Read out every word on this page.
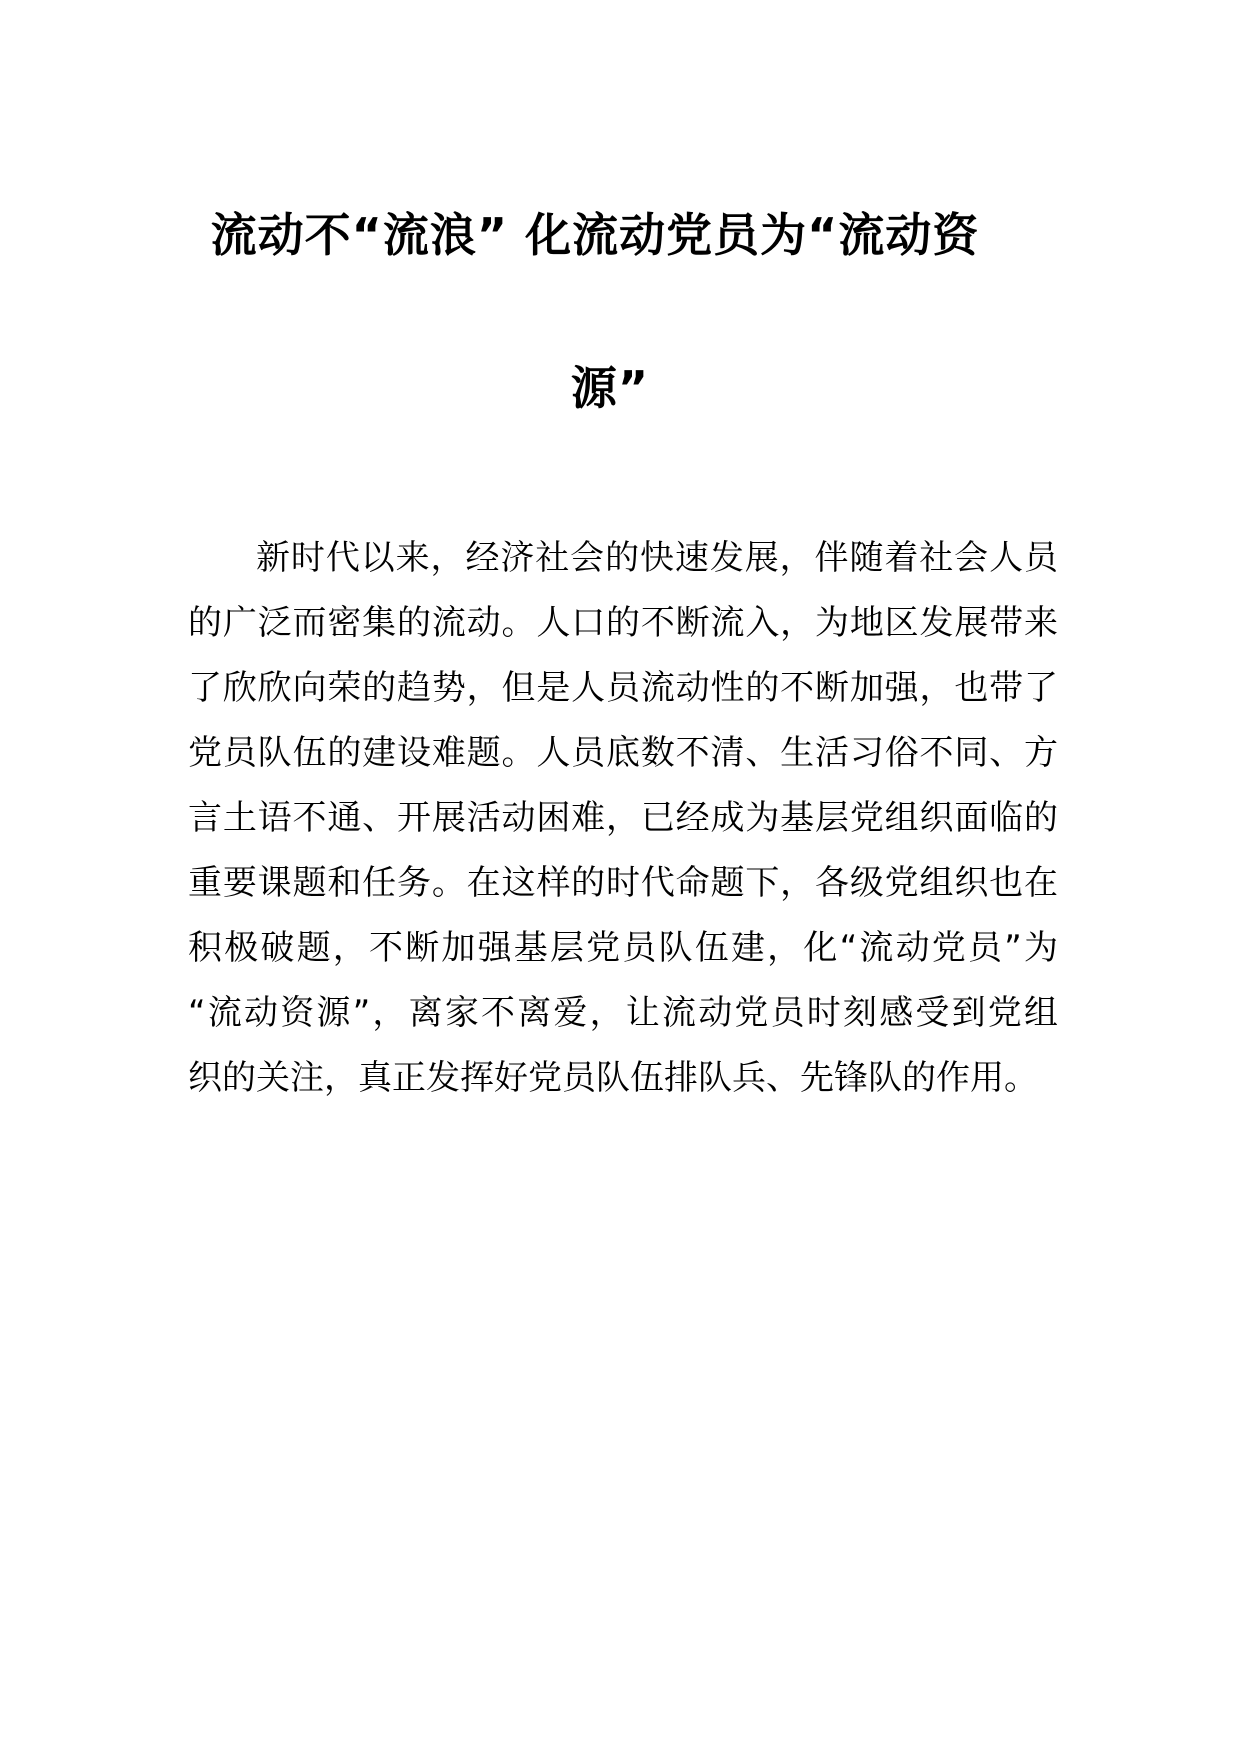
流动不“流浪” 化流动党员为“流动资
源”
新时代以来，经济社会的快速发展，伴随着社会人员
的广泛而密集的流动。人口的不断流入，为地区发展带来
了欣欣向荣的趋势，但是人员流动性的不断加强，也带了
党员队伍的建设难题。人员底数不清、生活习俗不同、方
言土语不通、开展活动困难，已经成为基层党组织面临的
重要课题和任务。在这样的时代命题下，各级党组织也在
积极破题，不断加强基层党员队伍建，化“流动党员”为
“流动资源”，离家不离爱，让流动党员时刻感受到党组
织的关注，真正发挥好党员队伍排队兵、先锋队的作用。
